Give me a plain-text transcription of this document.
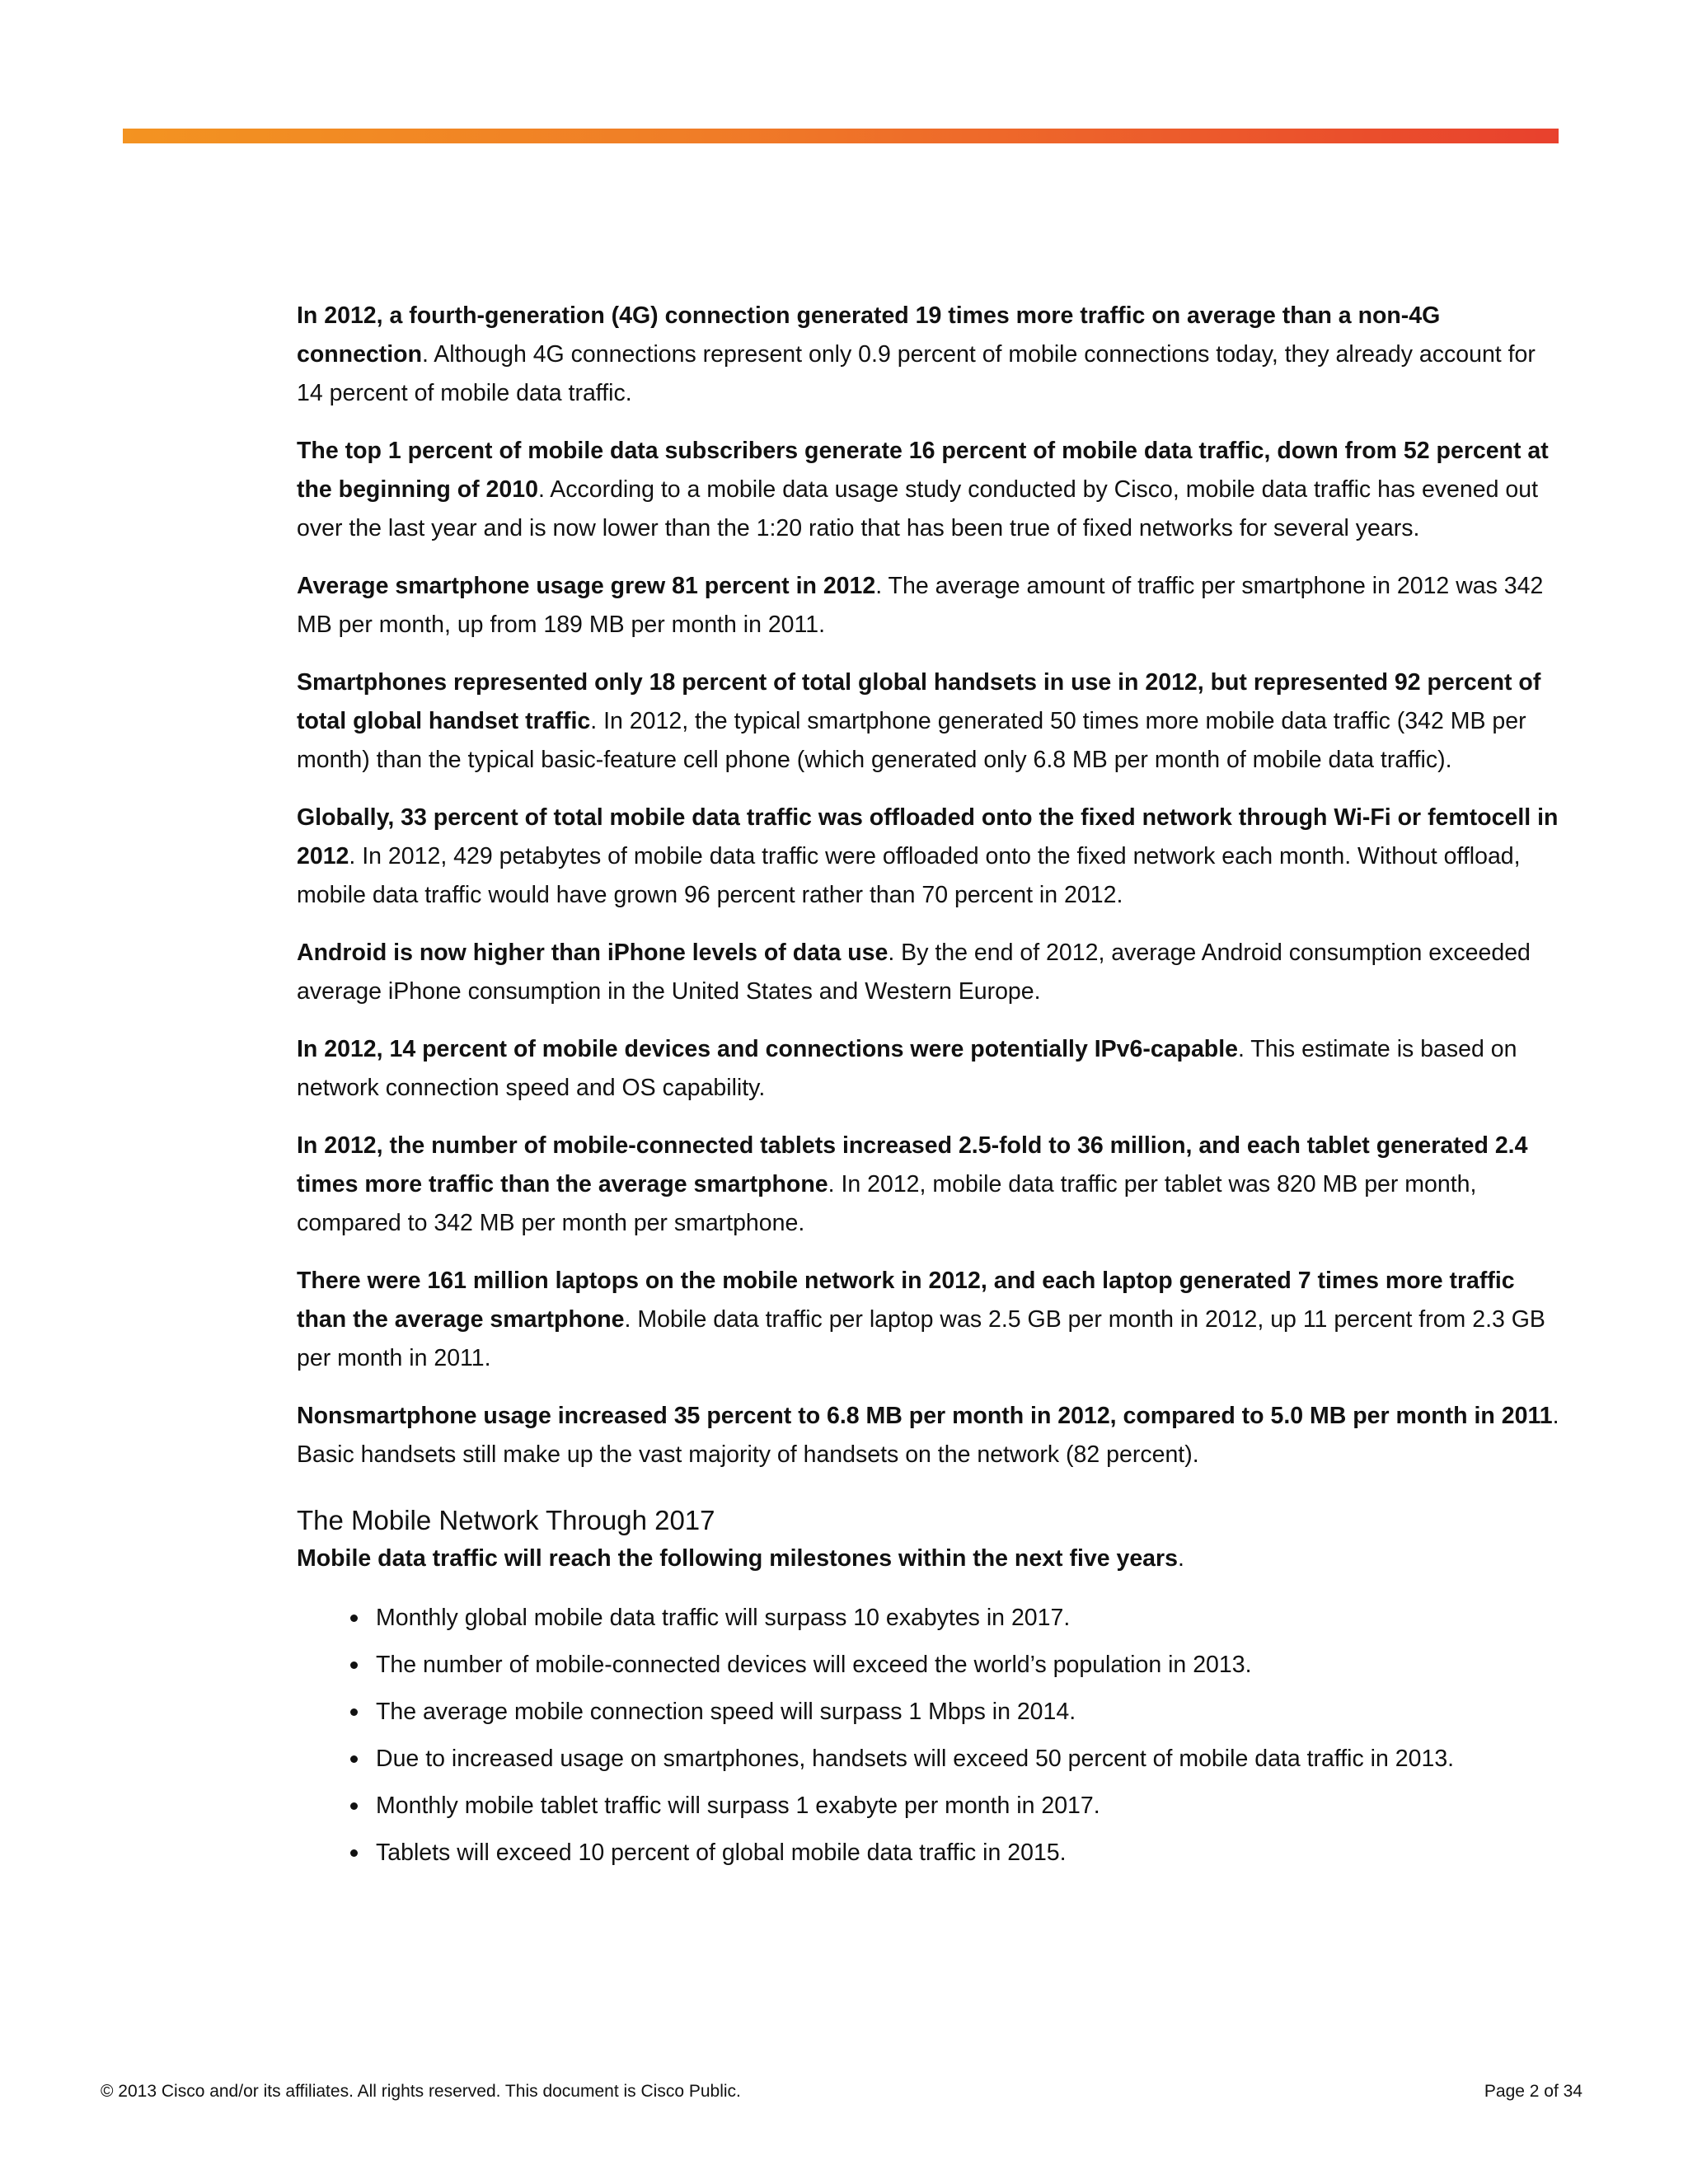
In 2012, a fourth-generation (4G) connection generated 19 times more traffic on average than a non-4G connection. Although 4G connections represent only 0.9 percent of mobile connections today, they already account for 14 percent of mobile data traffic.

The top 1 percent of mobile data subscribers generate 16 percent of mobile data traffic, down from 52 percent at the beginning of 2010. According to a mobile data usage study conducted by Cisco, mobile data traffic has evened out over the last year and is now lower than the 1:20 ratio that has been true of fixed networks for several years.

Average smartphone usage grew 81 percent in 2012. The average amount of traffic per smartphone in 2012 was 342 MB per month, up from 189 MB per month in 2011.

Smartphones represented only 18 percent of total global handsets in use in 2012, but represented 92 percent of total global handset traffic. In 2012, the typical smartphone generated 50 times more mobile data traffic (342 MB per month) than the typical basic-feature cell phone (which generated only 6.8 MB per month of mobile data traffic).

Globally, 33 percent of total mobile data traffic was offloaded onto the fixed network through Wi-Fi or femtocell in 2012. In 2012, 429 petabytes of mobile data traffic were offloaded onto the fixed network each month. Without offload, mobile data traffic would have grown 96 percent rather than 70 percent in 2012.

Android is now higher than iPhone levels of data use. By the end of 2012, average Android consumption exceeded average iPhone consumption in the United States and Western Europe.

In 2012, 14 percent of mobile devices and connections were potentially IPv6-capable. This estimate is based on network connection speed and OS capability.

In 2012, the number of mobile-connected tablets increased 2.5-fold to 36 million, and each tablet generated 2.4 times more traffic than the average smartphone. In 2012, mobile data traffic per tablet was 820 MB per month, compared to 342 MB per month per smartphone.

There were 161 million laptops on the mobile network in 2012, and each laptop generated 7 times more traffic than the average smartphone. Mobile data traffic per laptop was 2.5 GB per month in 2012, up 11 percent from 2.3 GB per month in 2011.

Nonsmartphone usage increased 35 percent to 6.8 MB per month in 2012, compared to 5.0 MB per month in 2011. Basic handsets still make up the vast majority of handsets on the network (82 percent).

The Mobile Network Through 2017
Mobile data traffic will reach the following milestones within the next five years.
Monthly global mobile data traffic will surpass 10 exabytes in 2017.
The number of mobile-connected devices will exceed the world’s population in 2013.
The average mobile connection speed will surpass 1 Mbps in 2014.
Due to increased usage on smartphones, handsets will exceed 50 percent of mobile data traffic in 2013.
Monthly mobile tablet traffic will surpass 1 exabyte per month in 2017.
Tablets will exceed 10 percent of global mobile data traffic in 2015.
© 2013 Cisco and/or its affiliates. All rights reserved. This document is Cisco Public.	Page 2 of 34
